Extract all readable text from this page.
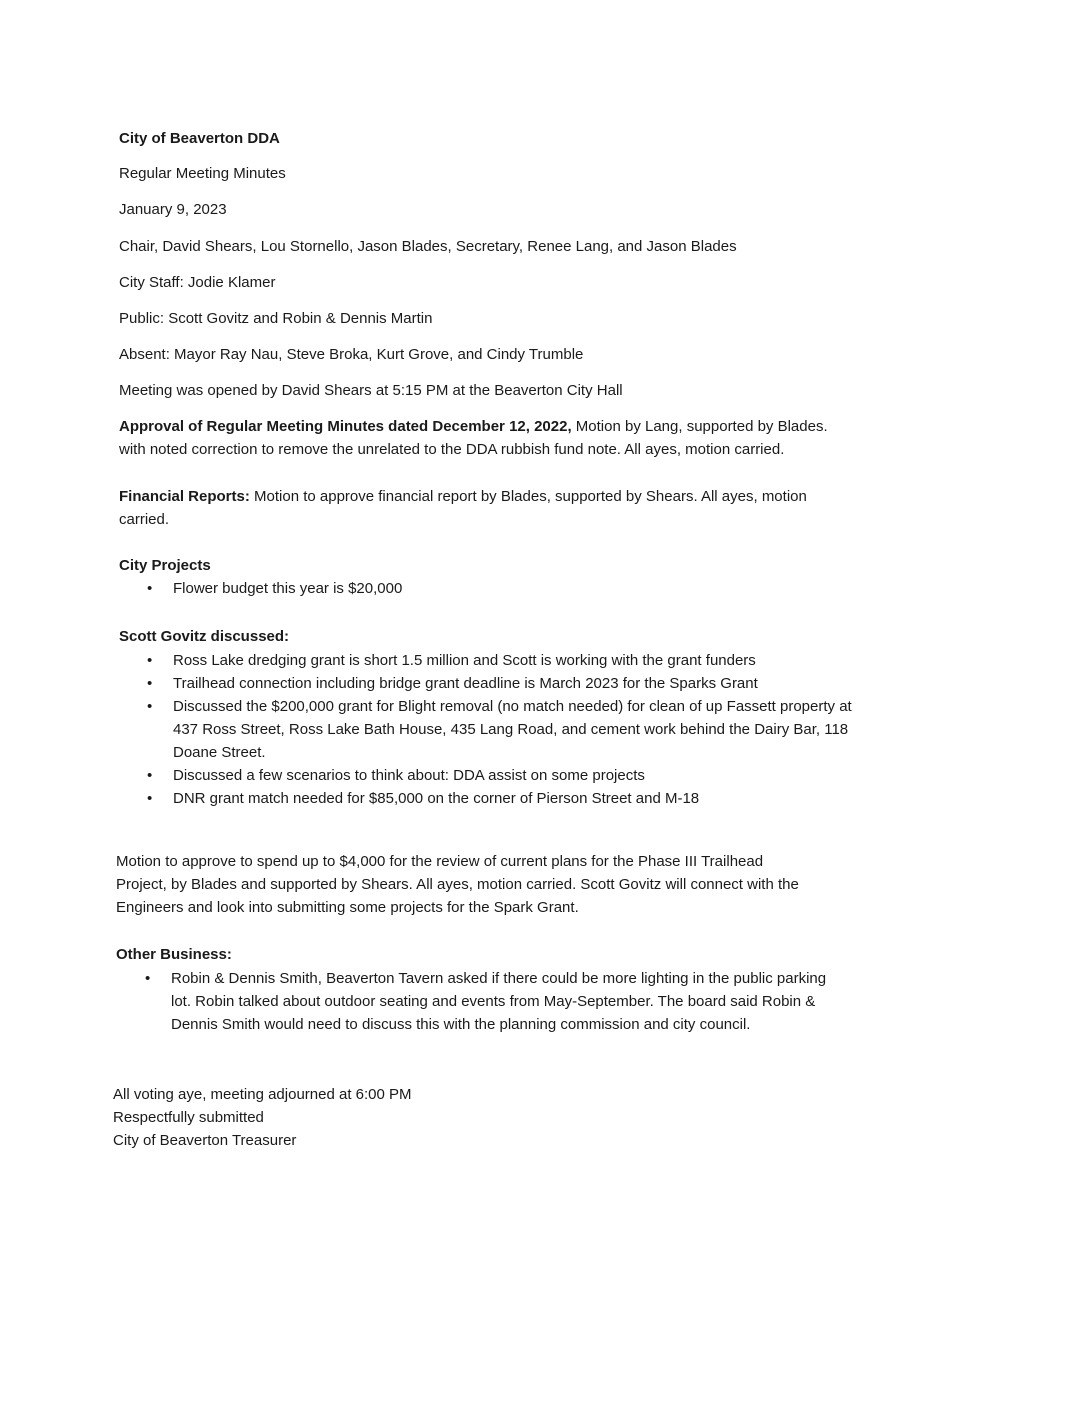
City of Beaverton DDA
Regular Meeting Minutes
January 9, 2023
Chair, David Shears, Lou Stornello, Jason Blades, Secretary, Renee Lang, and Jason Blades
City Staff: Jodie Klamer
Public: Scott Govitz and Robin & Dennis Martin
Absent: Mayor Ray Nau, Steve Broka, Kurt Grove, and Cindy Trumble
Meeting was opened by David Shears at 5:15 PM at the Beaverton City Hall
Approval of Regular Meeting Minutes dated December 12, 2022, Motion by Lang, supported by Blades.
with noted correction to remove the unrelated to the DDA rubbish fund note. All ayes, motion carried.
Financial Reports: Motion to approve financial report by Blades, supported by Shears. All ayes, motion
carried.
City Projects
• Flower budget this year is $20,000
Scott Govitz discussed:
• Ross Lake dredging grant is short 1.5 million and Scott is working with the grant funders
• Trailhead connection including bridge grant deadline is March 2023 for the Sparks Grant
• Discussed the $200,000 grant for Blight removal (no match needed) for clean of up Fassett property at 437 Ross Street, Ross Lake Bath House, 435 Lang Road, and cement work behind the Dairy Bar, 118 Doane Street.
• Discussed a few scenarios to think about: DDA assist on some projects
• DNR grant match needed for $85,000 on the corner of Pierson Street and M-18
Motion to approve to spend up to $4,000 for the review of current plans for the Phase III Trailhead
Project, by Blades and supported by Shears. All ayes, motion carried. Scott Govitz will connect with the
Engineers and look into submitting some projects for the Spark Grant.
Other Business:
• Robin & Dennis Smith, Beaverton Tavern asked if there could be more lighting in the public parking lot. Robin talked about outdoor seating and events from May-September. The board said Robin & Dennis Smith would need to discuss this with the planning commission and city council.
All voting aye, meeting adjourned at 6:00 PM
Respectfully submitted
City of Beaverton Treasurer
